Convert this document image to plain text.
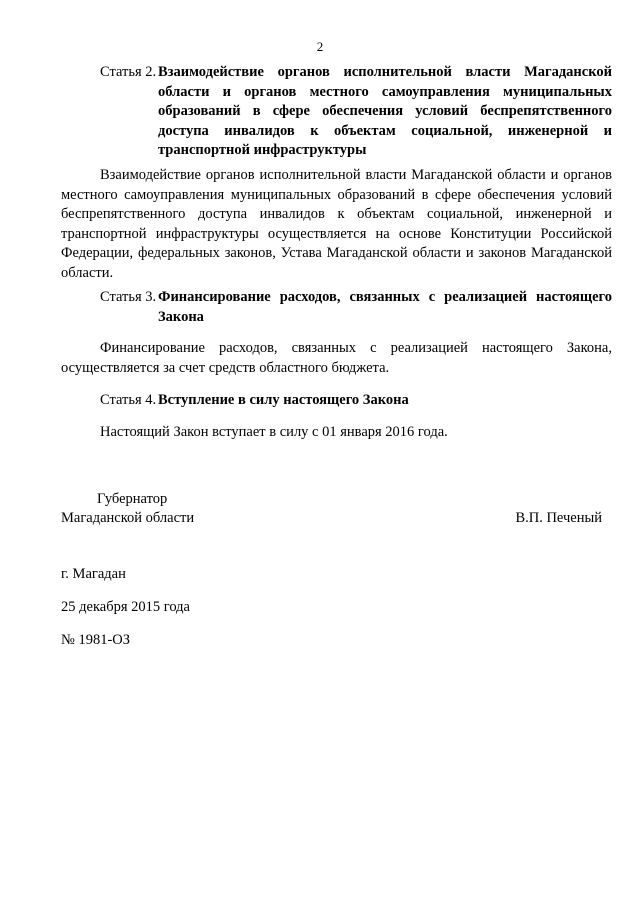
2
Статья 2. Взаимодействие органов исполнительной власти Магаданской области и органов местного самоуправления муниципальных образований в сфере обеспечения условий беспрепятственного доступа инвалидов к объектам социальной, инженерной и транспортной инфраструктуры
Взаимодействие органов исполнительной власти Магаданской области и органов местного самоуправления муниципальных образований в сфере обеспечения условий беспрепятственного доступа инвалидов к объектам социальной, инженерной и транспортной инфраструктуры осуществляется на основе Конституции Российской Федерации, федеральных законов, Устава Магаданской области и законов Магаданской области.
Статья 3. Финансирование расходов, связанных с реализацией настоящего Закона
Финансирование расходов, связанных с реализацией настоящего Закона, осуществляется за счет средств областного бюджета.
Статья 4. Вступление в силу настоящего Закона
Настоящий Закон вступает в силу с 01 января 2016 года.
Губернатор
Магаданской области	В.П. Печеный
г. Магадан
25 декабря 2015 года
№ 1981-ОЗ
